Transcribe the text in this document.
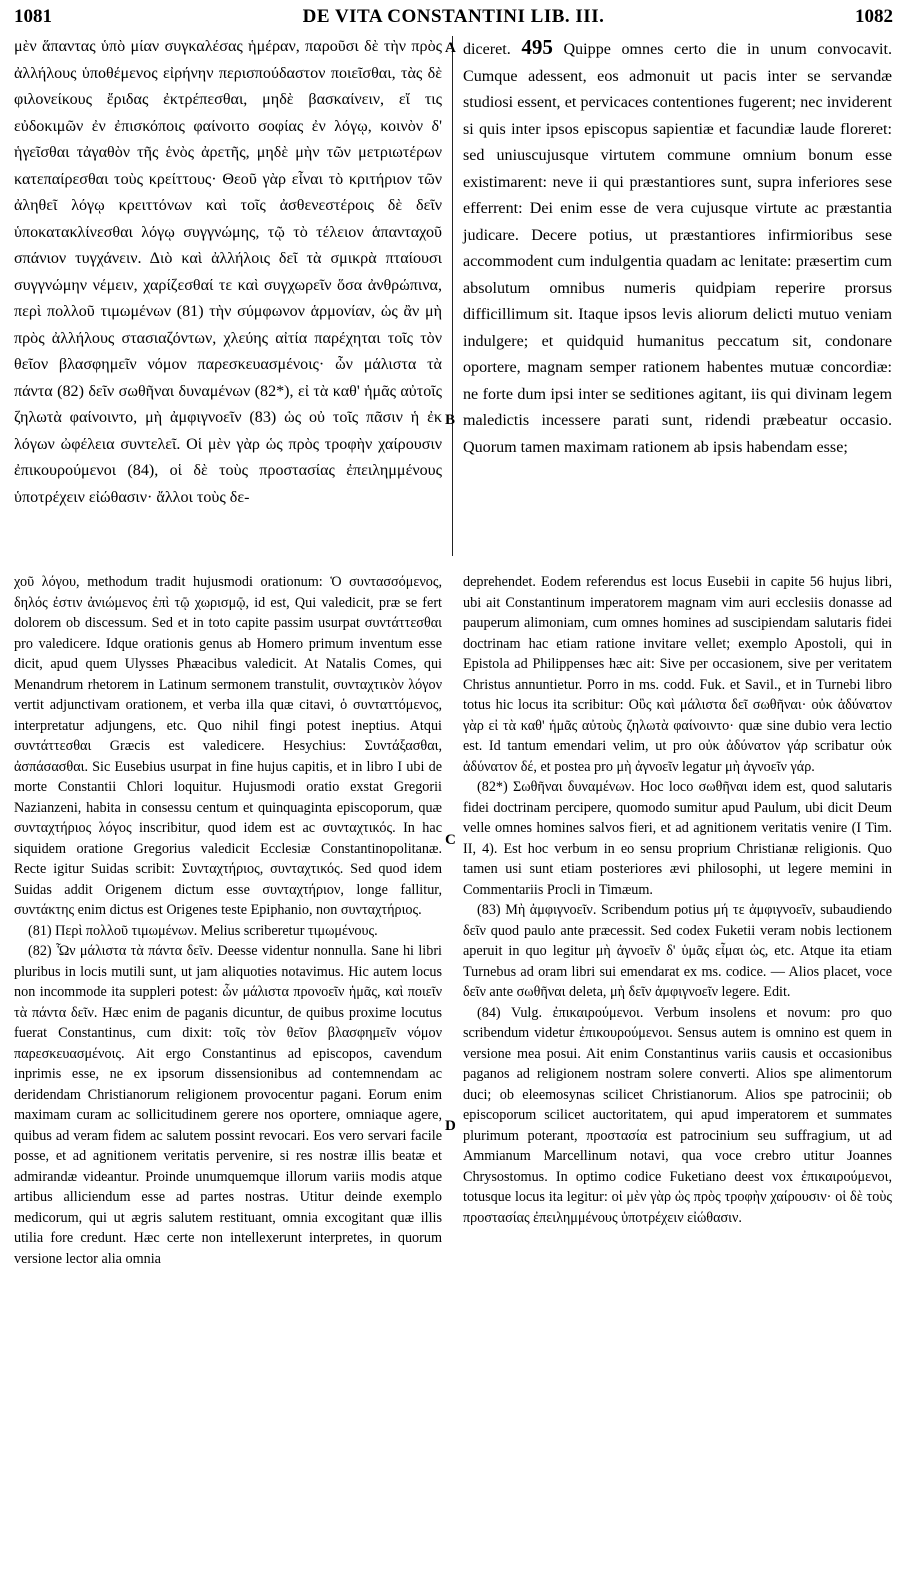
1081	DE VITA CONSTANTINI LIB. III.	1082

μὲν ἅπαντας ὑπὸ μίαν συγκαλέσας ἡμέραν, παροῦσι δὲ τὴν πρὸς ἀλλήλους ὑποθέμενος εἰρήνην περισπούδαστον ποιεῖσθαι, τὰς δὲ φιλονείκους ἔριδας ἐκτρέπεσθαι, μηδὲ βασκαίνειν, εἴ τις εὐδοκιμῶν ἐν ἐπισκόποις φαίνοιτο σοφίας ἐν λόγῳ, κοινὸν δ' ἡγεῖσθαι τἀγαθὸν τῆς ἑνὸς ἀρετῆς, μηδὲ μὴν τῶν μετριωτέρων κατεπαίρεσθαι τοὺς κρείττους· Θεοῦ γὰρ εἶναι τὸ κριτήριον τῶν ἀληθεῖ λόγῳ κρειττόνων καὶ τοῖς ἀσθενεστέροις δὲ δεῖν ὑποκατακλίνεσθαι λόγῳ συγγνώμης, τῷ τὸ τέλειον ἁπανταχοῦ σπάνιον τυγχάνειν. Διὸ καὶ ἀλλήλοις δεῖ τὰ σμικρὰ πταίουσι συγγνώμην νέμειν, χαρίζεσθαί τε καὶ συγχωρεῖν ὅσα ἀνθρώπινα, περὶ πολλοῦ τιμωμένων (81) τὴν σύμφωνον ἁρμονίαν, ὡς ἂν μὴ πρὸς ἀλλήλους στασιαζόντων, χλεύης αἰτία παρέχηται τοῖς τὸν θεῖον βλασφημεῖν νόμον παρεσκευασμένοις· ὧν μάλιστα τὰ πάντα (82) δεῖν σωθῆναι δυναμένων (82*), εἰ τὰ καθ' ἡμᾶς αὐτοῖς ζηλωτὰ φαίνοιντο, μὴ ἀμφιγνοεῖν (83) ὡς οὐ τοῖς πᾶσιν ἡ ἐκ λόγων ὠφέλεια συντελεῖ. Οἱ μὲν γὰρ ὡς πρὸς τροφὴν χαίρουσιν ἐπικουρούμενοι (84), οἱ δὲ τοὺς προστασίας ἐπειλημμένους ὑποτρέχειν εἰώθασιν· ἄλλοι τοὺς δε-

diceret. 495 Quippe omnes certo die in unum convocavit. Cumque adessent, eos admonuit ut pacis inter se servandæ studiosi essent, et pervicaces contentiones fugerent; nec inviderent si quis inter ipsos episcopus sapientiæ et facundiæ laude floreret: sed uniuscujusque virtutem commune omnium bonum esse existimarent: neve ii qui præstantiores sunt, supra inferiores sese efferrent: Dei enim esse de vera cujusque virtute ac præstantia judicare. Decere potius, ut præstantiores infirmioribus sese accommodent cum indulgentia quadam ac lenitate: præsertim cum absolutum omnibus numeris quidpiam reperire prorsus difficillimum sit. Itaque ipsos levis aliorum delicti mutuo veniam indulgere; et quidquid humanitus peccatum sit, condonare oportere, magnam semper rationem habentes mutuæ concordiæ: ne forte dum ipsi inter se seditiones agitant, iis qui divinam legem maledictis incessere parati sunt, ridendi præbeatur occasio. Quorum tamen maximam rationem ab ipsis habendam esse;

A
B
C
D

χοῦ λόγου, methodum tradit hujusmodi orationum: Ὁ συντασσόμενος, δηλός ἐστιν ἀνιώμενος ἐπὶ τῷ χωρισμῷ, id est, Qui valedicit, præ se fert dolorem ob discessum. Sed et in toto capite passim usurpat συντάττεσθαι pro valedicere. Idque orationis genus ab Homero primum inventum esse dicit, apud quem Ulysses Phæacibus valedicit. At Natalis Comes, qui Menandrum rhetorem in Latinum sermonem transtulit, συνταχτικὸν λόγον vertit adjunctivam orationem, et verba illa quæ citavi, ὁ συνταττόμενος, interpretatur adjungens, etc. Quo nihil fingi potest ineptius. Atqui συντάττεσθαι Græcis est valedicere. Hesychius: Συντάξασθαι, ἀσπάσασθαι. Sic Eusebius usurpat in fine hujus capitis, et in libro I ubi de morte Constantii Chlori loquitur. Hujusmodi oratio exstat Gregorii Nazianzeni, habita in consessu centum et quinquaginta episcoporum, quæ συνταχτήριος λόγος inscribitur, quod idem est ac συνταχτικός. In hac siquidem oratione Gregorius valedicit Ecclesiæ Constantinopolitanæ. Recte igitur Suidas scribit: Συνταχτήριος, συνταχτικός. Sed quod idem Suidas addit Origenem dictum esse συνταχτήριον, longe fallitur, συντάκτης enim dictus est Origenes teste Epiphanio, non συνταχτήριος.

(81) Περὶ πολλοῦ τιμωμένων. Melius scriberetur τιμωμένους.

(82) Ὧν μάλιστα τὰ πάντα δεῖν. Deesse videntur nonnulla. Sane hi libri pluribus in locis mutili sunt, ut jam aliquoties notavimus. Hic autem locus non incommode ita suppleri potest: ὧν μάλιστα προνοεῖν ἡμᾶς, καὶ ποιεῖν τὰ πάντα δεῖν. Hæc enim de paganis dicuntur, de quibus proxime locutus fuerat Constantinus, cum dixit: τοῖς τὸν θεῖον βλασφημεῖν νόμον παρεσκευασμένοις. Ait ergo Constantinus ad episcopos, cavendum inprimis esse, ne ex ipsorum dissensionibus ad contemnendam ac deridendam Christianorum religionem provocentur pagani. Eorum enim maximam curam ac sollicitudinem gerere nos oportere, omniaque agere, quibus ad veram fidem ac salutem possint revocari. Eos vero servari facile posse, et ad agnitionem veritatis pervenire, si res nostræ illis beatæ et admirandæ videantur. Proinde unumquemque illorum variis modis atque artibus alliciendum esse ad partes nostras. Utitur deinde exemplo medicorum, qui ut ægris salutem restituant, omnia excogitant quæ illis utilia fore credunt. Hæc certe non intellexerunt interpretes, in quorum versione lector alia omnia

deprehendet. Eodem referendus est locus Eusebii in capite 56 hujus libri, ubi ait Constantinum imperatorem magnam vim auri ecclesiis donasse ad pauperum alimoniam, cum omnes homines ad suscipiendam salutaris fidei doctrinam hac etiam ratione invitare vellet; exemplo Apostoli, qui in Epistola ad Philippenses hæc ait: Sive per occasionem, sive per veritatem Christus annuntietur. Porro in ms. codd. Fuk. et Savil., et in Turnebi libro totus hic locus ita scribitur: Οὓς καὶ μάλιστα δεῖ σωθῆναι· οὐκ ἀδύνατον γὰρ εἰ τὰ καθ' ἡμᾶς αὐτοὺς ζηλωτὰ φαίνοιντο· quæ sine dubio vera lectio est. Id tantum emendari velim, ut pro οὐκ ἀδύνατον γάρ scribatur οὐκ ἀδύνατον δέ, et postea pro μὴ ἀγνοεῖν legatur μὴ ἀγνοεῖν γάρ.

(82*) Σωθῆναι δυναμένων. Hoc loco σωθῆναι idem est, quod salutaris fidei doctrinam percipere, quomodo sumitur apud Paulum, ubi dicit Deum velle omnes homines salvos fieri, et ad agnitionem veritatis venire (I Tim. II, 4). Est hoc verbum in eo sensu proprium Christianæ religionis. Quo tamen usi sunt etiam posteriores ævi philosophi, ut legere memini in Commentariis Procli in Timæum.

(83) Μὴ ἀμφιγνοεῖν. Scribendum potius μή τε ἀμφιγνοεῖν, subaudiendo δεῖν quod paulo ante præcessit. Sed codex Fuketii veram nobis lectionem aperuit in quo legitur μὴ ἀγνοεῖν δ' ὑμᾶς εἶμαι ὡς, etc. Atque ita etiam Turnebus ad oram libri sui emendarat ex ms. codice. — Alios placet, voce δεῖν ante σωθῆναι deleta, μὴ δεῖν ἀμφιγνοεῖν legere. Edit.

(84) Vulg. ἐπικαιρούμενοι. Verbum insolens et novum: pro quo scribendum videtur ἐπικουρούμενοι. Sensus autem is omnino est quem in versione mea posui. Ait enim Constantinus variis causis et occasionibus paganos ad religionem nostram solere converti. Alios spe alimentorum duci; ob eleemosynas scilicet Christianorum. Alios spe patrocinii; ob episcoporum scilicet auctoritatem, qui apud imperatorem et summates plurimum poterant, προστασία est patrocinium seu suffragium, ut ad Ammianum Marcellinum notavi, qua voce crebro utitur Joannes Chrysostomus. In optimo codice Fuketiano deest vox ἐπικαιρούμενοι, totusque locus ita legitur: οἱ μὲν γὰρ ὡς πρὸς τροφὴν χαίρουσιν· οἱ δὲ τοὺς προστασίας ἐπειλημμένους ὑποτρέχειν εἰώθασιν.
